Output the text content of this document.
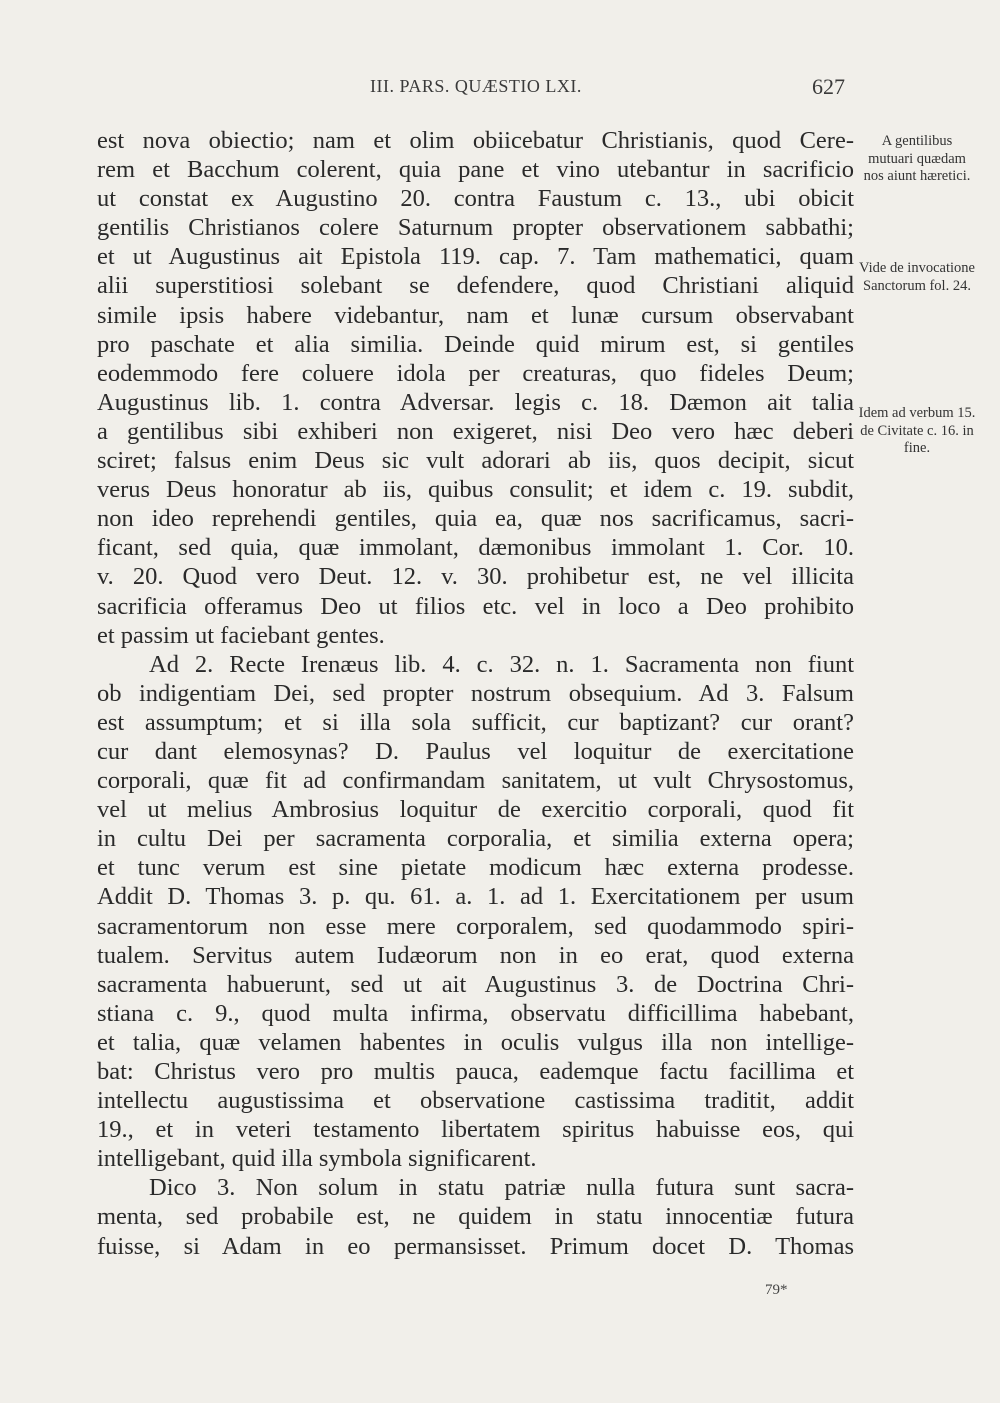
III. PARS. QUÆSTIO LXI.	627
est nova obiectio; nam et olim obiicebatur Christianis, quod Cere-
rem et Bacchum colerent, quia pane et vino utebantur in sacrificio
ut constat ex Augustino 20. contra Faustum c. 13., ubi obicit
gentilis Christianos colere Saturnum propter observationem sabbathi;
et ut Augustinus ait Epistola 119. cap. 7. Tam mathematici, quam
alii superstitiosi solebant se defendere, quod Christiani aliquid
simile ipsis habere videbantur, nam et lunæ cursum observabant
pro paschate et alia similia. Deinde quid mirum est, si gentiles
eodemmodo fere coluere idola per creaturas, quo fideles Deum;
Augustinus lib. 1. contra Adversar. legis c. 18. Dæmon ait talia
a gentilibus sibi exhiberi non exigeret, nisi Deo vero hæc deberi
sciret; falsus enim Deus sic vult adorari ab iis, quos decipit, sicut
verus Deus honoratur ab iis, quibus consulit; et idem c. 19. subdit,
non ideo reprehendi gentiles, quia ea, quæ nos sacrificamus, sacri-
ficant, sed quia, quæ immolant, dæmonibus immolant 1. Cor. 10.
v. 20. Quod vero Deut. 12. v. 30. prohibetur est, ne vel illicita
sacrificia offeramus Deo ut filios etc. vel in loco a Deo prohibito
et passim ut faciebant gentes.
Ad 2. Recte Irenæus lib. 4. c. 32. n. 1. Sacramenta non fiunt
ob indigentiam Dei, sed propter nostrum obsequium. Ad 3. Falsum
est assumptum; et si illa sola sufficit, cur baptizant? cur orant?
cur dant elemosynas? D. Paulus vel loquitur de exercitatione
corporali, quæ fit ad confirmandam sanitatem, ut vult Chrysostomus,
vel ut melius Ambrosius loquitur de exercitio corporali, quod fit
in cultu Dei per sacramenta corporalia, et similia externa opera;
et tunc verum est sine pietate modicum hæc externa prodesse.
Addit D. Thomas 3. p. qu. 61. a. 1. ad 1. Exercitationem per usum
sacramentorum non esse mere corporalem, sed quodammodo spiri-
tualem. Servitus autem Iudæorum non in eo erat, quod externa
sacramenta habuerunt, sed ut ait Augustinus 3. de Doctrina Chri-
stiana c. 9., quod multa infirma, observatu difficillima habebant,
et talia, quæ velamen habentes in oculis vulgus illa non intellige-
bat: Christus vero pro multis pauca, eademque factu facillima et
intellectu augustissima et observatione castissima traditit, addit
19., et in veteri testamento libertatem spiritus habuisse eos, qui
intelligebant, quid illa symbola significarent.
Dico 3. Non solum in statu patriæ nulla futura sunt sacra-
menta, sed probabile est, ne quidem in statu innocentiæ futura
fuisse, si Adam in eo permansisset. Primum docet D. Thomas
A gentilibus mutuari quædam nos aiunt hæretici.
Vide de invocatione Sanctorum fol. 24.
Idem ad verbum 15. de Civitate c. 16. in fine.
79*
